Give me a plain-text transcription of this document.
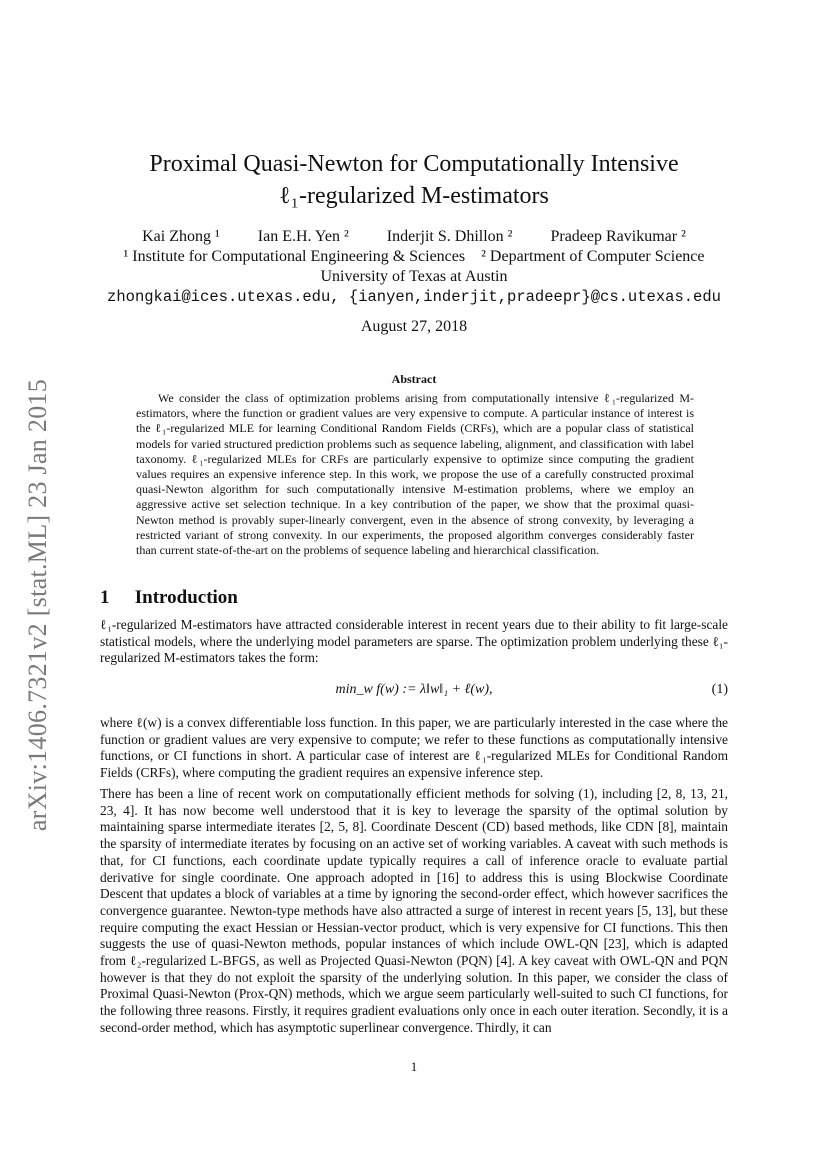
arXiv:1406.7321v2 [stat.ML] 23 Jan 2015
Proximal Quasi-Newton for Computationally Intensive
ℓ₁-regularized M-estimators
Kai Zhong ¹ Ian E.H. Yen ² Inderjit S. Dhillon ² Pradeep Ravikumar ²
¹ Institute for Computational Engineering & Sciences    ² Department of Computer Science
University of Texas at Austin
zhongkai@ices.utexas.edu, {ianyen,inderjit,pradeepr}@cs.utexas.edu
August 27, 2018
Abstract

We consider the class of optimization problems arising from computationally intensive ℓ₁-regularized M-estimators, where the function or gradient values are very expensive to compute. A particular instance of interest is the ℓ₁-regularized MLE for learning Conditional Random Fields (CRFs), which are a popular class of statistical models for varied structured prediction problems such as sequence labeling, alignment, and classification with label taxonomy. ℓ₁-regularized MLEs for CRFs are particularly expensive to optimize since computing the gradient values requires an expensive inference step. In this work, we propose the use of a carefully constructed proximal quasi-Newton algorithm for such computationally intensive M-estimation problems, where we employ an aggressive active set selection technique. In a key contribution of the paper, we show that the proximal quasi-Newton method is provably super-linearly convergent, even in the absence of strong convexity, by leveraging a restricted variant of strong convexity. In our experiments, the proposed algorithm converges considerably faster than current state-of-the-art on the problems of sequence labeling and hierarchical classification.

1 Introduction

ℓ₁-regularized M-estimators have attracted considerable interest in recent years due to their ability to fit large-scale statistical models, where the underlying model parameters are sparse. The optimization problem underlying these ℓ₁-regularized M-estimators takes the form:

min_w f(w) := λ‖w‖₁ + ℓ(w),	(1)

where ℓ(w) is a convex differentiable loss function. In this paper, we are particularly interested in the case where the function or gradient values are very expensive to compute; we refer to these functions as computationally intensive functions, or CI functions in short. A particular case of interest are ℓ₁-regularized MLEs for Conditional Random Fields (CRFs), where computing the gradient requires an expensive inference step.

There has been a line of recent work on computationally efficient methods for solving (1), including [2, 8, 13, 21, 23, 4]. It has now become well understood that it is key to leverage the sparsity of the optimal solution by maintaining sparse intermediate iterates [2, 5, 8]. Coordinate Descent (CD) based methods, like CDN [8], maintain the sparsity of intermediate iterates by focusing on an active set of working variables. A caveat with such methods is that, for CI functions, each coordinate update typically requires a call of inference oracle to evaluate partial derivative for single coordinate. One approach adopted in [16] to address this is using Blockwise Coordinate Descent that updates a block of variables at a time by ignoring the second-order effect, which however sacrifices the convergence guarantee. Newton-type methods have also attracted a surge of interest in recent years [5, 13], but these require computing the exact Hessian or Hessian-vector product, which is very expensive for CI functions. This then suggests the use of quasi-Newton methods, popular instances of which include OWL-QN [23], which is adapted from ℓ₂-regularized L-BFGS, as well as Projected Quasi-Newton (PQN) [4]. A key caveat with OWL-QN and PQN however is that they do not exploit the sparsity of the underlying solution. In this paper, we consider the class of Proximal Quasi-Newton (Prox-QN) methods, which we argue seem particularly well-suited to such CI functions, for the following three reasons. Firstly, it requires gradient evaluations only once in each outer iteration. Secondly, it is a second-order method, which has asymptotic superlinear convergence. Thirdly, it can

1
